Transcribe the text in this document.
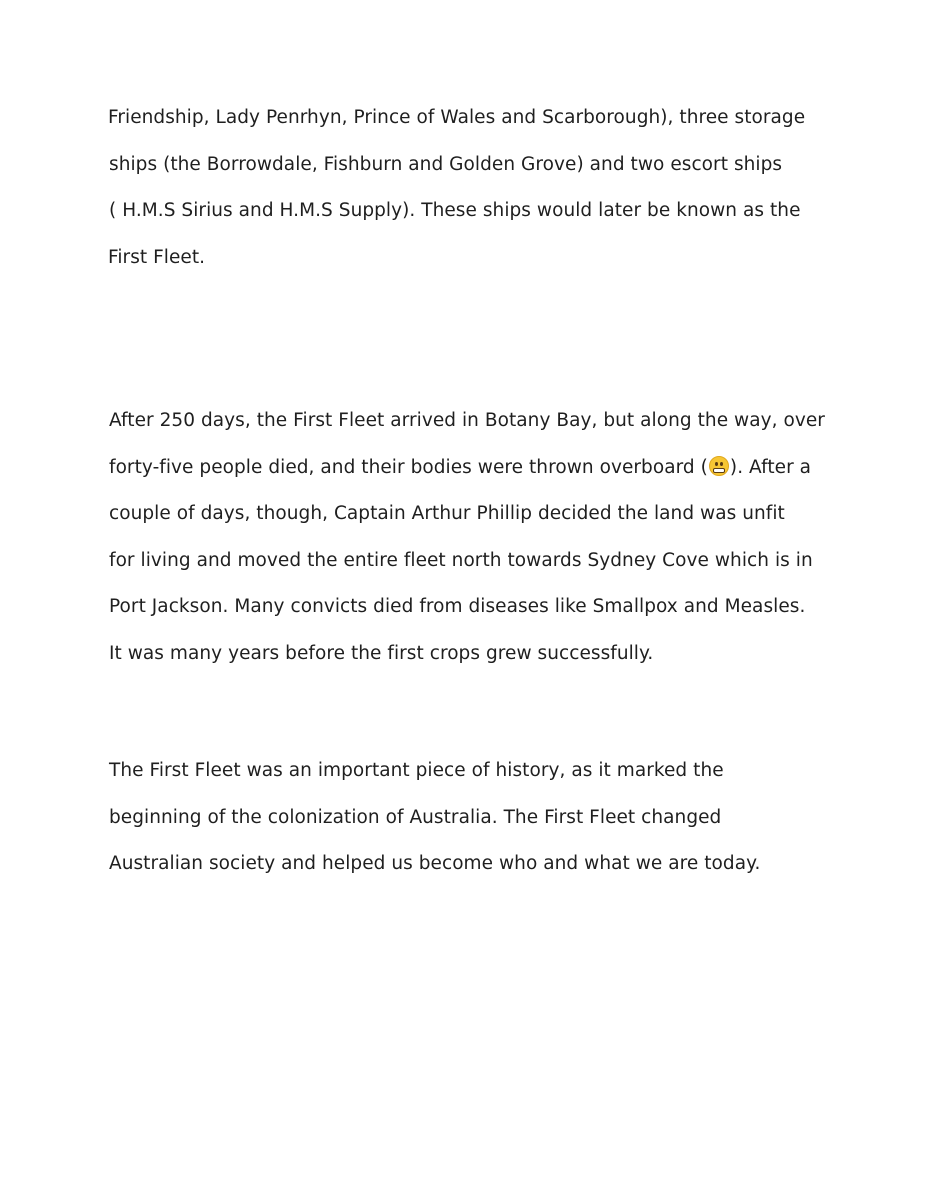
Friendship, Lady Penrhyn, Prince of Wales and Scarborough), three storage
ships (the Borrowdale, Fishburn and Golden Grove) and two escort ships
( H.M.S Sirius and H.M.S Supply). These ships would later be known as the
First Fleet.
After 250 days, the First Fleet arrived in Botany Bay, but along the way, over
forty-five people died, and their bodies were thrown overboard ( ). After a
couple of days, though, Captain Arthur Phillip decided the land was unfit
for living and moved the entire fleet north towards Sydney Cove which is in
Port Jackson. Many convicts died from diseases like Smallpox and Measles.
It was many years before the first crops grew successfully.
The First Fleet was an important piece of history, as it marked the
beginning of the colonization of Australia. The First Fleet changed
Australian society and helped us become who and what we are today.
